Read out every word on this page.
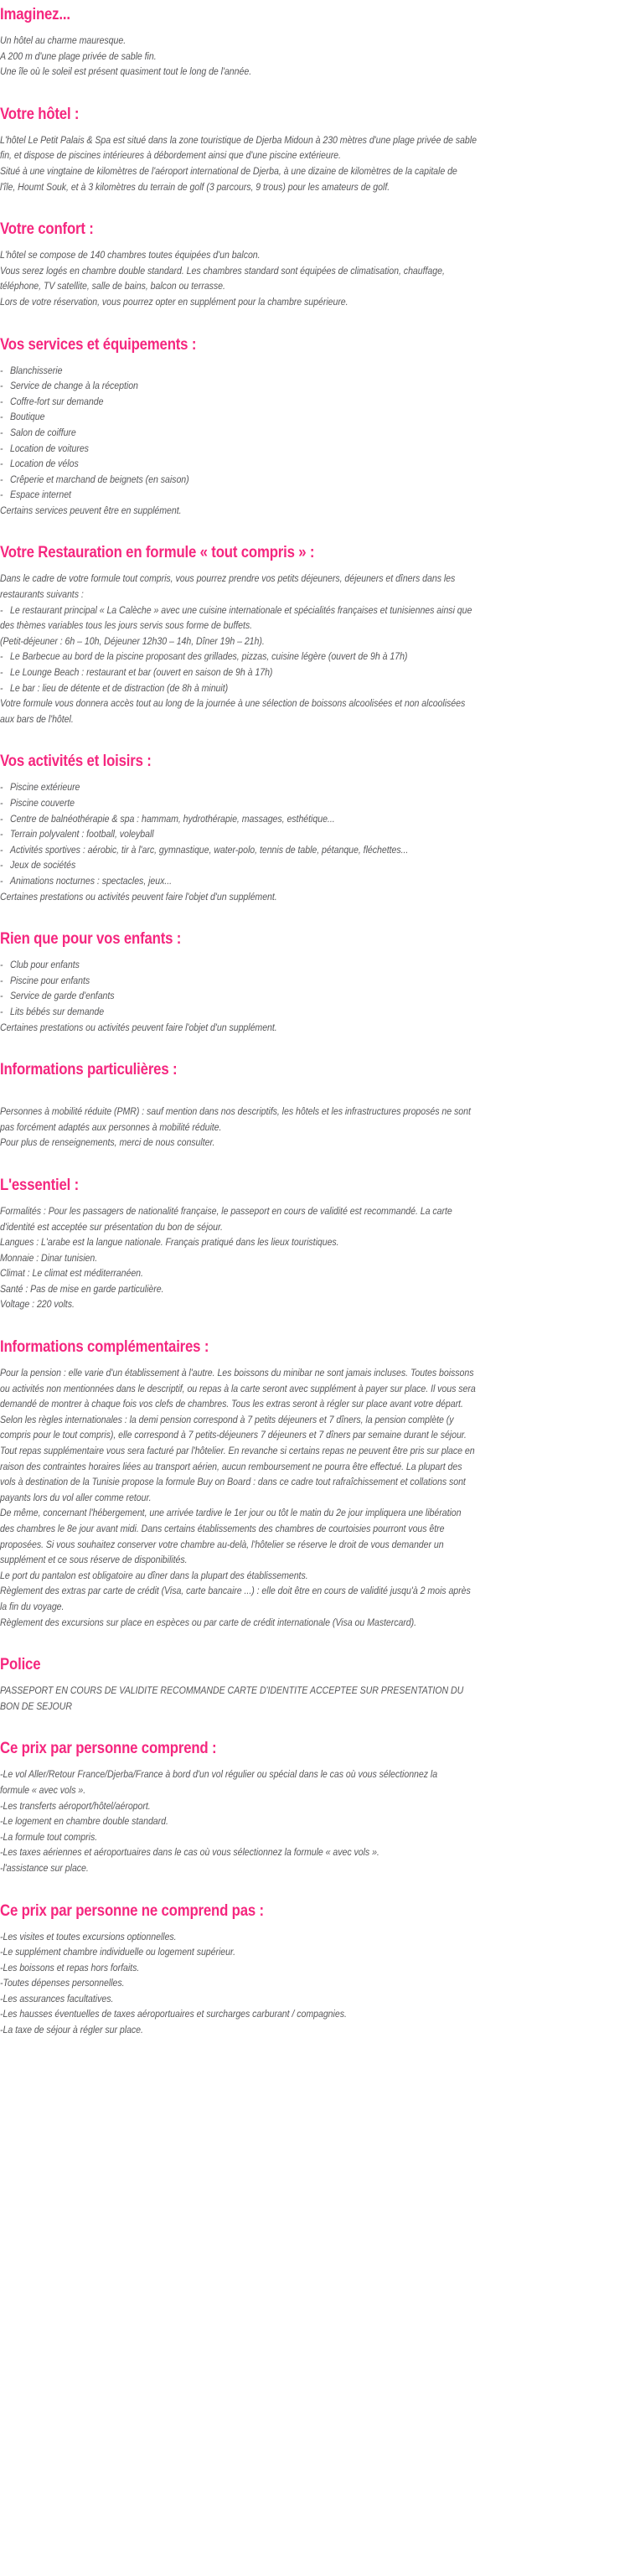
Imaginez...
Un hôtel au charme mauresque.
A 200 m d'une plage privée de sable fin.
Une île où le soleil est présent quasiment tout le long de l'année.
Votre hôtel :
L'hôtel Le Petit Palais & Spa est situé dans la zone touristique de Djerba Midoun à 230 mètres d'une plage privée de sable
fin, et dispose de piscines intérieures à débordement ainsi que d'une piscine extérieure.
Situé à une vingtaine de kilomètres de l'aéroport international de Djerba, à une dizaine de kilomètres de la capitale de
l'île, Houmt Souk, et à 3 kilomètres du terrain de golf (3 parcours, 9 trous) pour les amateurs de golf.
Votre confort :
L'hôtel se compose de 140 chambres toutes équipées d'un balcon.
Vous serez logés en chambre double standard. Les chambres standard sont équipées de climatisation, chauffage,
téléphone, TV satellite, salle de bains, balcon ou terrasse.
Lors de votre réservation, vous pourrez opter en supplément pour la chambre supérieure.
Vos services et équipements :
- Blanchisserie
- Service de change à la réception
- Coffre-fort sur demande
- Boutique
- Salon de coiffure
- Location de voitures
- Location de vélos
- Crêperie et marchand de beignets (en saison)
- Espace internet
Certains services peuvent être en supplément.
Votre Restauration en formule « tout compris » :
Dans le cadre de votre formule tout compris, vous pourrez prendre vos petits déjeuners, déjeuners et dîners dans les
restaurants suivants :
- Le restaurant principal « La Calèche » avec une cuisine internationale et spécialités françaises et tunisiennes ainsi que
des thèmes variables tous les jours servis sous forme de buffets.
(Petit-déjeuner : 6h – 10h, Déjeuner 12h30 – 14h, Dîner 19h – 21h).
- Le Barbecue au bord de la piscine proposant des grillades, pizzas, cuisine légère (ouvert de 9h à 17h)
- Le Lounge Beach : restaurant et bar (ouvert en saison de 9h à 17h)
- Le bar : lieu de détente et de distraction (de 8h à minuit)
Votre formule vous donnera accès tout au long de la journée à une sélection de boissons alcoolisées et non alcoolisées
aux bars de l'hôtel.
Vos activités et loisirs :
- Piscine extérieure
- Piscine couverte
- Centre de balnéothérapie & spa : hammam, hydrothérapie, massages, esthétique...
- Terrain polyvalent : football, voleyball
- Activités sportives : aérobic, tir à l'arc, gymnastique, water-polo, tennis de table, pétanque, fléchettes...
- Jeux de sociétés
- Animations nocturnes : spectacles, jeux...
Certaines prestations ou activités peuvent faire l'objet d'un supplément.
Rien que pour vos enfants :
- Club pour enfants
- Piscine pour enfants
- Service de garde d'enfants
- Lits bébés sur demande
Certaines prestations ou activités peuvent faire l'objet d'un supplément.
Informations particulières :
Personnes à mobilité réduite (PMR) : sauf mention dans nos descriptifs, les hôtels et les infrastructures proposés ne sont
pas forcément adaptés aux personnes à mobilité réduite.
Pour plus de renseignements, merci de nous consulter.
L'essentiel :
Formalités : Pour les passagers de nationalité française, le passeport en cours de validité est recommandé. La carte
d'identité est acceptée sur présentation du bon de séjour.
Langues : L'arabe est la langue nationale. Français pratiqué dans les lieux touristiques.
Monnaie : Dinar tunisien.
Climat : Le climat est méditerranéen.
Santé : Pas de mise en garde particulière.
Voltage : 220 volts.
Informations complémentaires :
Pour la pension : elle varie d'un établissement à l'autre. Les boissons du minibar ne sont jamais incluses. Toutes boissons
ou activités non mentionnées dans le descriptif, ou repas à la carte seront avec supplément à payer sur place. Il vous sera
demandé de montrer à chaque fois vos clefs de chambres. Tous les extras seront à régler sur place avant votre départ.
Selon les règles internationales : la demi pension correspond à 7 petits déjeuners et 7 dîners, la pension complète (y
compris pour le tout compris), elle correspond à 7 petits-déjeuners 7 déjeuners et 7 dîners par semaine durant le séjour.
Tout repas supplémentaire vous sera facturé par l'hôtelier. En revanche si certains repas ne peuvent être pris sur place en
raison des contraintes horaires liées au transport aérien, aucun remboursement ne pourra être effectué. La plupart des
vols à destination de la Tunisie propose la formule Buy on Board : dans ce cadre tout rafraîchissement et collations sont
payants lors du vol aller comme retour.
De même, concernant l'hébergement, une arrivée tardive le 1er jour ou tôt le matin du 2e jour impliquera une libération
des chambres le 8e jour avant midi. Dans certains établissements des chambres de courtoisies pourront vous être
proposées. Si vous souhaitez conserver votre chambre au-delà, l'hôtelier se réserve le droit de vous demander un
supplément et ce sous réserve de disponibilités.
Le port du pantalon est obligatoire au dîner dans la plupart des établissements.
Règlement des extras par carte de crédit (Visa, carte bancaire ...) : elle doit être en cours de validité jusqu'à 2 mois après
la fin du voyage.
Règlement des excursions sur place en espèces ou par carte de crédit internationale (Visa ou Mastercard).
Police
PASSEPORT EN COURS DE VALIDITE RECOMMANDE CARTE D'IDENTITE ACCEPTEE SUR PRESENTATION DU
BON DE SEJOUR
Ce prix par personne comprend :
-Le vol Aller/Retour France/Djerba/France à bord d'un vol régulier ou spécial dans le cas où vous sélectionnez la
formule « avec vols ».
-Les transferts aéroport/hôtel/aéroport.
-Le logement en chambre double standard.
-La formule tout compris.
-Les taxes aériennes et aéroportuaires dans le cas où vous sélectionnez la formule « avec vols ».
-l'assistance sur place.
Ce prix par personne ne comprend pas :
-Les visites et toutes excursions optionnelles.
-Le supplément chambre individuelle ou logement supérieur.
-Les boissons et repas hors forfaits.
-Toutes dépenses personnelles.
-Les assurances facultatives.
-Les hausses éventuelles de taxes aéroportuaires et surcharges carburant / compagnies.
-La taxe de séjour à régler sur place.
